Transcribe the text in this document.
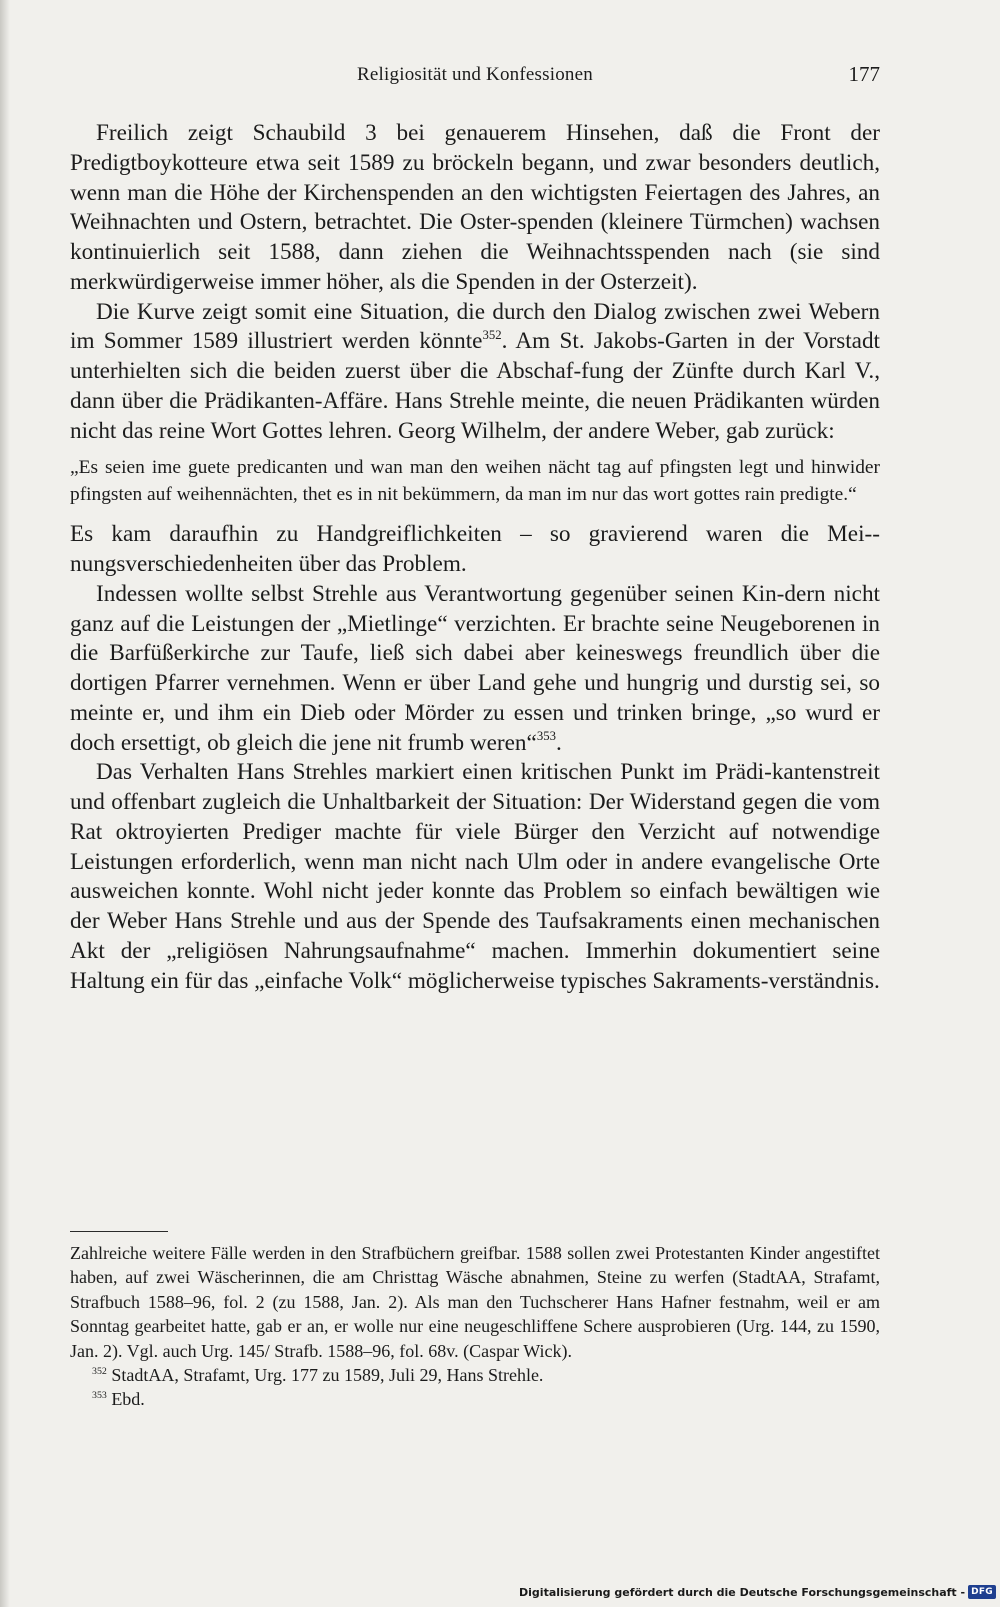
Religiosität und Konfessionen	177

Freilich zeigt Schaubild 3 bei genauerem Hinsehen, daß die Front der Predigtboykotteure etwa seit 1589 zu bröckeln begann, und zwar besonders deutlich, wenn man die Höhe der Kirchenspenden an den wichtigsten Feiertagen des Jahres, an Weihnachten und Ostern, betrachtet. Die Oster-spenden (kleinere Türmchen) wachsen kontinuierlich seit 1588, dann ziehen die Weihnachtsspenden nach (sie sind merkwürdigerweise immer höher, als die Spenden in der Osterzeit).

Die Kurve zeigt somit eine Situation, die durch den Dialog zwischen zwei Webern im Sommer 1589 illustriert werden könnte$^{352}$. Am St. Jakobs-Garten in der Vorstadt unterhielten sich die beiden zuerst über die Abschaf-fung der Zünfte durch Karl V., dann über die Prädikanten-Affäre. Hans Strehle meinte, die neuen Prädikanten würden nicht das reine Wort Gottes lehren. Georg Wilhelm, der andere Weber, gab zurück:

„Es seien ime guete predicanten und wan man den weihen nächt tag auf pfingsten legt und hinwider pfingsten auf weihennächten, thet es in nit bekümmern, da man im nur das wort gottes rain predigte.“

Es kam daraufhin zu Handgreiflichkeiten – so gravierend waren die Mei-nungsverschiedenheiten über das Problem.

Indessen wollte selbst Strehle aus Verantwortung gegenüber seinen Kin-dern nicht ganz auf die Leistungen der „Mietlinge“ verzichten. Er brachte seine Neugeborenen in die Barfüßerkirche zur Taufe, ließ sich dabei aber keineswegs freundlich über die dortigen Pfarrer vernehmen. Wenn er über Land gehe und hungrig und durstig sei, so meinte er, und ihm ein Dieb oder Mörder zu essen und trinken bringe, „so wurd er doch ersettigt, ob gleich die jene nit frumb weren“$^{353}$.

Das Verhalten Hans Strehles markiert einen kritischen Punkt im Prädi-kantenstreit und offenbart zugleich die Unhaltbarkeit der Situation: Der Widerstand gegen die vom Rat oktroyierten Prediger machte für viele Bürger den Verzicht auf notwendige Leistungen erforderlich, wenn man nicht nach Ulm oder in andere evangelische Orte ausweichen konnte. Wohl nicht jeder konnte das Problem so einfach bewältigen wie der Weber Hans Strehle und aus der Spende des Taufsakraments einen mechanischen Akt der „religiösen Nahrungsaufnahme“ machen. Immerhin dokumentiert seine Haltung ein für das „einfache Volk“ möglicherweise typisches Sakraments-verständnis.

Zahlreiche weitere Fälle werden in den Strafbüchern greifbar. 1588 sollen zwei Protestanten Kinder angestiftet haben, auf zwei Wäscherinnen, die am Christtag Wäsche abnahmen, Steine zu werfen (StadtAA, Strafamt, Strafbuch 1588–96, fol. 2 (zu 1588, Jan. 2). Als man den Tuchscherer Hans Hafner festnahm, weil er am Sonntag gearbeitet hatte, gab er an, er wolle nur eine neugeschliffene Schere ausprobieren (Urg. 144, zu 1590, Jan. 2). Vgl. auch Urg. 145/ Strafb. 1588–96, fol. 68v. (Caspar Wick).

$^{352}$ StadtAA, Strafamt, Urg. 177 zu 1589, Juli 29, Hans Strehle.

$^{353}$ Ebd.

Digitalisierung gefördert durch die Deutsche Forschungsgemeinschaft - DFG
